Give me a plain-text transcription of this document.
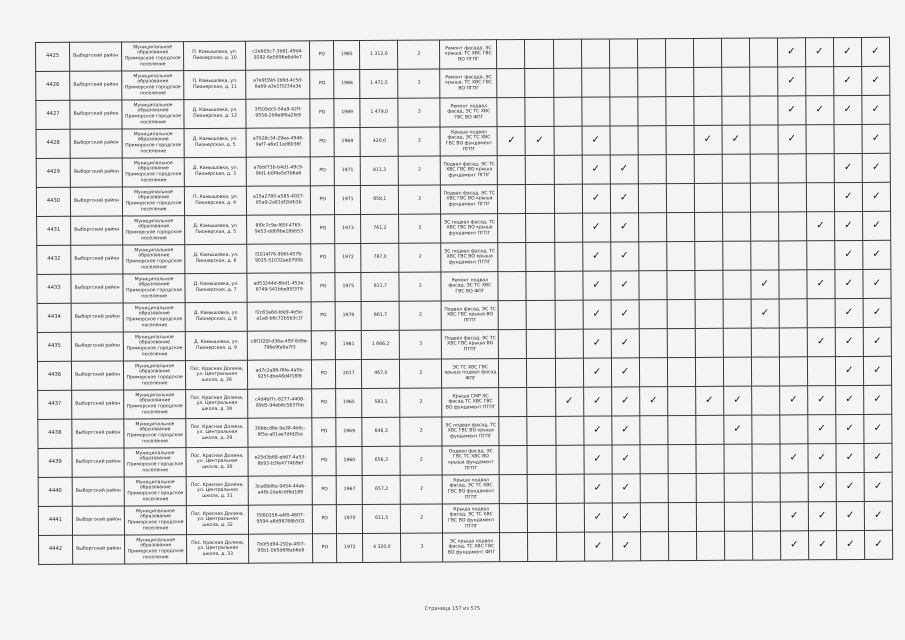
4425	Выборгский район	Муниципальное образование Приморское городское поселение	П. Камышовка, ул. Пионерская, д. 10	c2e605c7-3b81-49d4-9292-6e5696e6d4e7	РО	1985	1 312,0	2	Ремонт фасада, ЭС крыша, ТС ХВС ГВС ВО ПГПГ											✓	✓	✓	✓
4426	Выборгский район	Муниципальное образование Приморское городское поселение	П. Камышовка, ул. Пионерская, д. 11	a7e9f39d-1b6d-4c5d-8ab9-a3e1f3234a3e	РО	1986	1 471,5	3	Ремонт фасада, ЭС крыша, ТС ХВС ГВС ВО ПГПГ											✓		✓	✓
4427	Выборгский район	Муниципальное образование Приморское городское поселение	Д. Камышовка, ул. Пионерская, д. 12	3f509dc5-54a9-42ff-9558-2b9e8f6a2fe9	РО	1989	1 479,0	3	Ремонт подвал фасад, ЭС ТС ХВС ГВС ВО ФПГ											✓	✓	✓	✓
4428	Выборгский район	Муниципальное образование Приморское городское поселение	Д. Камышовка, ул. Пионерская, д. 5	a7028c34-29ea-4946-9af7-a6e11ad8036f	РО	1969	420,0	2	Крыша подвал фасад, ЭС ТС ХВС ГВС ВО фундамент ПГПГ	✓	✓		✓				✓	✓		✓			✓
4429	Выборгский район	Муниципальное образование Приморское городское поселение	Д. Камышовка, ул. Пионерская, д. 3	a7bbf73b-b4d1-49c9-9fd1-b0f4a5d7b6a6	РО	1971	811,3	2	Подвал фасад, ЭС ТС ХВС ГВС ВО крыша фундамент ПГПГ				✓	✓								✓	✓
4430	Выборгский район	Муниципальное образование Приморское городское поселение	П. Камышовка, ул. Пионерская, д. 4	a15a2780-a585-4027-85a9-2a81df2bfb3b	РО	1971	858,1	2	Подвал фасад, ЭС ТС ХВС ГВС ВО крыша фундамент ПГПГ				✓	✓								✓	✓
4431	Выборгский район	Муниципальное образование Приморское городское поселение	Д. Камышовка, ул. Пионерская, д. 5	8f0c7c9a-f65f-4765-9e53-ddb9be18bb53	РО	1973	761,2	2	ЭС подвал фасад, ТС ХВС ГВС ВО крыша фундамент ПГПГ				✓	✓							✓	✓	✓
4432	Выборгский район	Муниципальное образование Приморское городское поселение	Д. Камышовка, ул. Пионерская, д. 6	f2014f76-906f-4576-9025-51032ae0700b	РО	1972	787,0	2	ЭС подвал фасад, ТС ХВС ГВС ВО крыша фундамент ПГПГ				✓	✓								✓	✓
4433	Выборгский район	Муниципальное образование Приморское городское поселение	Д. Камышовка, ул. Пионерская, д. 7	ad53244d-6bd1-453e-8749-541bbe95f379	РО	1975	811,7	2	Ремонт подвал фасад, ЭС ТС ХВС ГВС ВО ФПГ				✓	✓					✓		✓	✓	✓
4434	Выборгский район	Муниципальное образование Приморское городское поселение	Д. Камышовка, ул. Пионерская, д. 8	f2c83a6d-bfe9-4e5e-a1a8-b6c72b5b3c1f	РО	1979	861,7	2	Подвал фасад, ЭС ТС ХВС ГВС крыша ВО ПГПГ				✓	✓					✓			✓	✓
4435	Выборгский район	Муниципальное образование Приморское городское поселение	Д. Камышовка, ул. Пионерская, д. 9	c8f1f20f-d36a-4f5f-8d9e-796e9fa6a7f3	РО	1981	1 666,2	3	Подвал фасад, ЭС ТС ХВС ГВС крыша ВО ПГПГ				✓	✓							✓	✓	✓
4436	Выборгский район	Муниципальное образование Приморское городское поселение	Пос. Красная Долина, ул. Центральная школа, д. 26	ad7c2a98-f6fe-4a5b-925f-dbe48d4f18f8	РО	2017	467,0	2	ЭС ТС ХВС ГВС крыша подвал фасад ФПГ				✓	✓								✓	✓
4437	Выборгский район	Муниципальное образование Приморское городское поселение	Пос. Красная Долина, ул. Центральная школа, д. 38	c4d4bf7c-8277-4408-89d5-94eb6c5637bb	РО	1965	583,1	2	Крыша СМР ЭС фасад ТС ХВС ГВС ВО фундамент ПГПГ			✓	✓	✓	✓		✓	✓		✓	✓	✓	✓
4438	Выборгский район	Муниципальное образование Приморское городское поселение	Пос. Красная Долина, ул. Центральная школа, д. 29	30bbcd8e-9a38-4b6c-9f5e-a01ae7dfd2ba	РО	1969	646,3	2	ЭС подвал фасад, ТС ХВС ГВС ВО крыша фундамент ПГПГ				✓	✓				✓			✓	✓	✓
4439	Выборгский район	Муниципальное образование Приморское городское поселение	Пос. Красная Долина, ул. Центральная школа, д. 30	e25d3b68-eb67-4a53-8b93-b3fe4774b9ef	РО	1960	656,3	2	Подвал фасад, ЭС ГВС ТС ХВС ВО крыша фундамент ПГПГ				✓	✓						✓	✓	✓	✓
4440	Выборгский район	Муниципальное образование Приморское городское поселение	Пос. Красная Долина, ул. Центральная школа, д. 31	3ca89d6a-9454-44ab-a4f9-2da6c6f6d189	РО	1967	657,2	2	Крыша подвал фасад, ЭС ТС ХВС ГВС ВО фундамент ПГПГ				✓	✓							✓	✓	✓
4441	Выборгский район	Муниципальное образование Приморское городское поселение	Пос. Красная Долина, ул. Центральная школа, д. 32	f5f80356-e4f0-4807-9594-a8d98788b501	РО	1970	611,5	2	Крыша подвал фасад, ЭС ТС ХВС ГВС ВО фундамент ПГПГ				✓	✓						✓	✓	✓	✓
4442	Выборгский район	Муниципальное образование Приморское городское поселение	Пос. Красная Долина, ул. Центральная школа, д. 33	7b0f5d94-292e-4f07-95b1-0d5d8f8ab6e8	РО	1972	4 320,0	3	ЭС крыша подвал фасад, ТС ХВС ГВС ВО фундамент ФПГ				✓	✓						✓	✓	✓	✓
Страница 157 из 575
